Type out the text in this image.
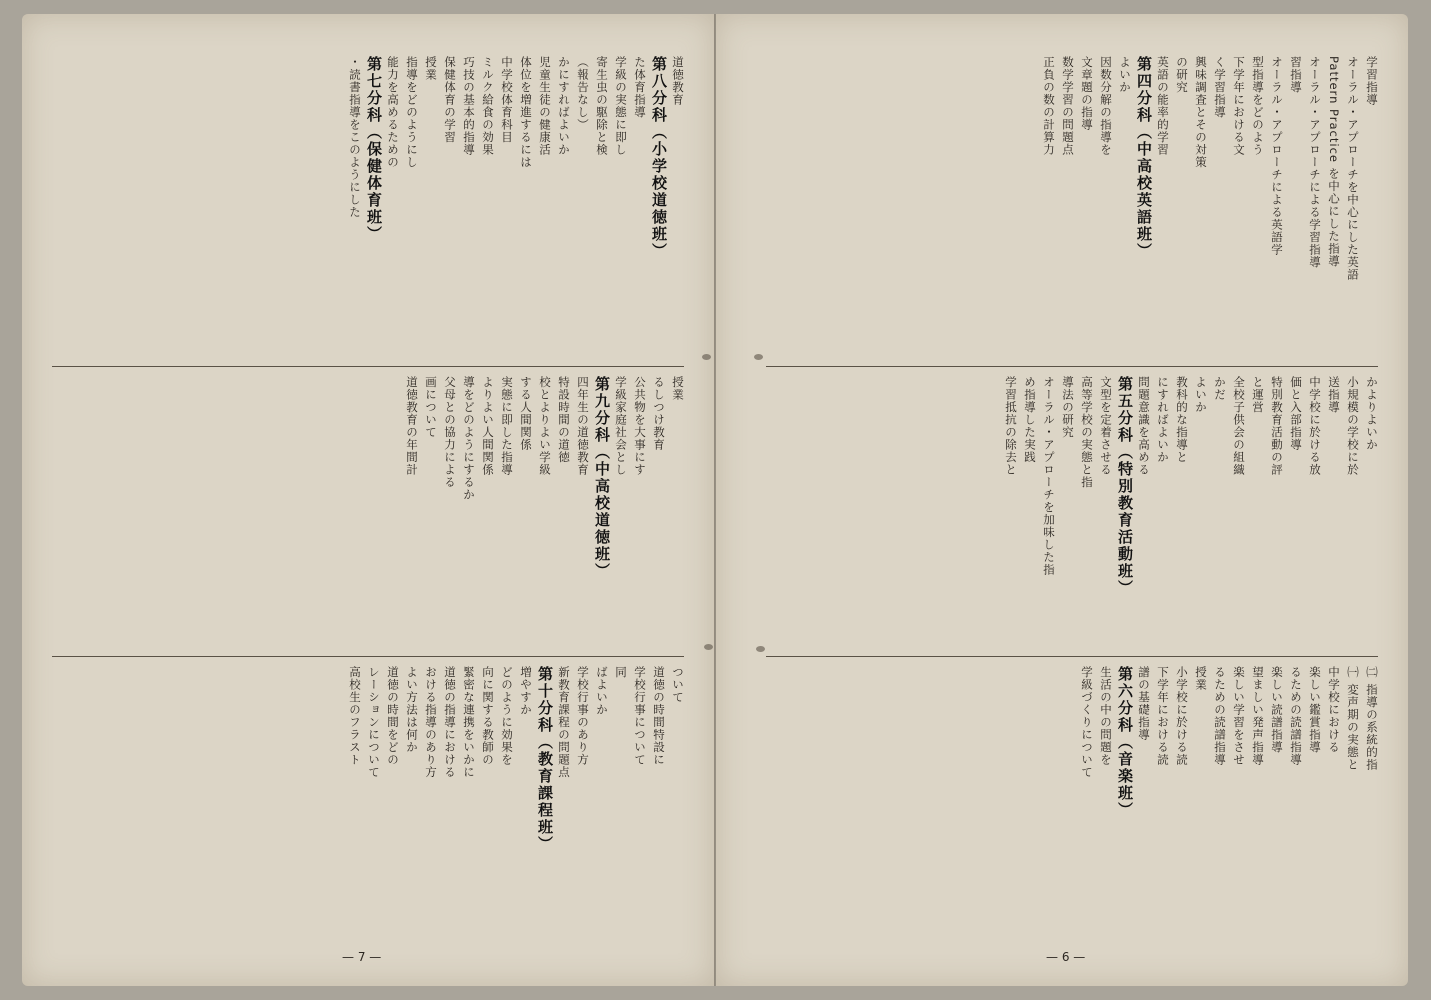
道徳教育
第八分科（小学校道徳班）
た体育指導
学級の実態に即し
寄生虫の駆除と検
（報告なし）
かにすればよいか
児童生徒の健康活
体位を増進するには
中学校体育科目
ミルク給食の効果
巧技の基本的指導
保健体育の学習
授業
指導をどのようにし
能力を高めるための
第七分科（保健体育班）
・読書指導をこのようにした
授業
るしつけ教育
公共物を大事にす
学級家庭社会とし
第九分科（中高校道徳班）
四年生の道徳教育
特設時間の道徳
校とよりよい学級
する人間関係
実態に即した指導
よりよい人間関係
導をどのようにするか
父母との協力による
画について
道徳教育の年間計
ついて
道徳の時間特設に
学校行事について
同
ばよいか
学校行事のあり方
新教育課程の問題点
第十分科（教育課程班）
増やすか
どのように効果を
向に関する教師の
緊密な連携をいかに
道徳の指導における
おける指導のあり方
よい方法は何か
道徳の時間をどの
レーションについて
高校生のフラスト
— 7 —
学習指導
オーラル・アプローチを中心にした英語
Pattern Practice を中心にした指導
オーラル・アプローチによる学習指導
習指導
オーラル・アプローチによる英語学
型指導をどのよう
下学年における文
く学習指導
興味調査とその対策
の研究
英語の能率的学習
第四分科（中高校英語班）
よいか
因数分解の指導を
文章題の指導
数学学習の問題点
正負の数の計算力
かよりよいか
小規模の学校に於
送指導
中学校に於ける放
価と入部指導
特別教育活動の評
と運営
全校子供会の組織
かだ
よいか
教科的な指導と
にすればよいか
問題意識を高める
第五分科（特別教育活動班）
文型を定着させる
高等学校の実態と指
導法の研究
オーラル・アプローチを加味した指
め指導した実践
学習抵抗の除去と
㈡ 指導の系統的指
㈠ 変声期の実態と
中学校における
楽しい鑑賞指導
るための読譜指導
楽しい読譜指導
望ましい発声指導
楽しい学習をさせ
るための読譜指導
授業
小学校に於ける読
下学年における読
譜の基礎指導
第六分科（音楽班）
生活の中の問題を
学級づくりについて
— 6 —
